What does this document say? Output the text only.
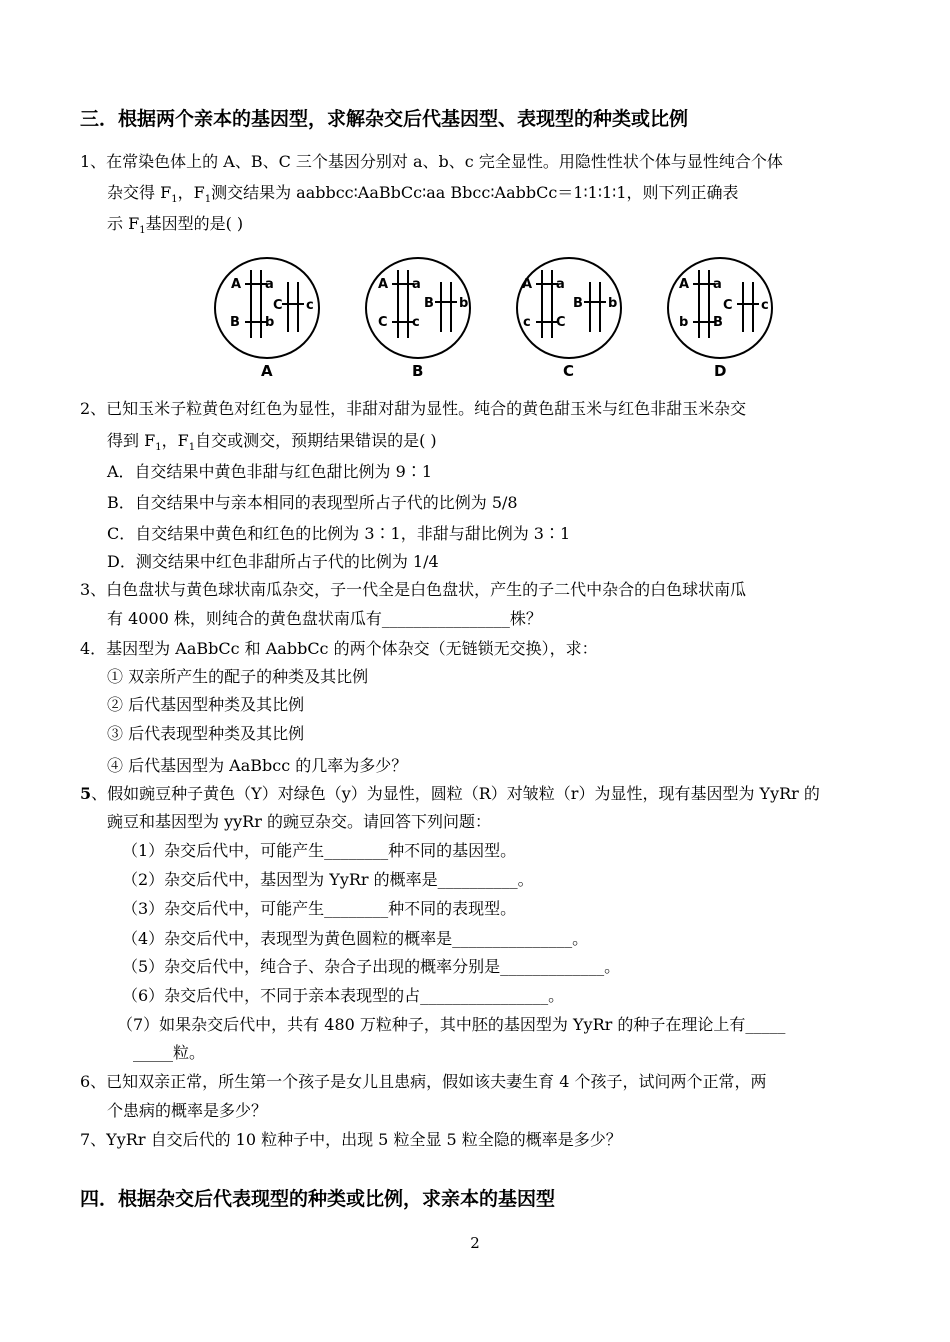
三．根据两个亲本的基因型，求解杂交后代基因型、表现型的种类或比例
1、在常染色体上的 A、B、C 三个基因分别对 a、b、c 完全显性。用隐性性状个体与显性纯合个体
杂交得 $F_1$，$F_1$测交结果为 aabbcc∶AaBbCc∶aa Bbcc∶AabbCc＝1∶1∶1∶1，则下列正确表
示 $F_1$基因型的是( )
A a
C c
B b
A a
B b
C c
A a
B b
c C
A a
C c
b B
A	B	C	D
2、已知玉米子粒黄色对红色为显性，非甜对甜为显性。纯合的黄色甜玉米与红色非甜玉米杂交
得到 $F_1$，$F_1$自交或测交，预期结果错误的是( )
A．自交结果中黄色非甜与红色甜比例为 9∶1
B．自交结果中与亲本相同的表现型所占子代的比例为 5/8
C．自交结果中黄色和红色的比例为 3∶1，非甜与甜比例为 3∶1
D．测交结果中红色非甜所占子代的比例为 1/4
3、白色盘状与黄色球状南瓜杂交，子一代全是白色盘状，产生的子二代中杂合的白色球状南瓜
有 4000 株，则纯合的黄色盘状南瓜有________________株？
4．基因型为 AaBbCc 和 AabbCc 的两个体杂交（无链锁无交换），求：
① 双亲所产生的配子的种类及其比例
② 后代基因型种类及其比例
③ 后代表现型种类及其比例
④ 后代基因型为 AaBbcc 的几率为多少？
5、假如豌豆种子黄色（Y）对绿色（y）为显性，圆粒（R）对皱粒（r）为显性，现有基因型为 YyRr 的
豌豆和基因型为 yyRr 的豌豆杂交。请回答下列问题：
（1）杂交后代中，可能产生________种不同的基因型。
（2）杂交后代中，基因型为 YyRr 的概率是__________。
（3）杂交后代中，可能产生________种不同的表现型。
（4）杂交后代中，表现型为黄色圆粒的概率是_______________。
（5）杂交后代中，纯合子、杂合子出现的概率分别是_____________。
（6）杂交后代中，不同于亲本表现型的占________________。
（7）如果杂交后代中，共有 480 万粒种子，其中胚的基因型为 YyRr 的种子在理论上有_____
_____粒。
6、已知双亲正常，所生第一个孩子是女儿且患病，假如该夫妻生育 4 个孩子，试问两个正常，两
个患病的概率是多少？
7、YyRr 自交后代的 10 粒种子中，出现 5 粒全显 5 粒全隐的概率是多少？
四．根据杂交后代表现型的种类或比例，求亲本的基因型
2
